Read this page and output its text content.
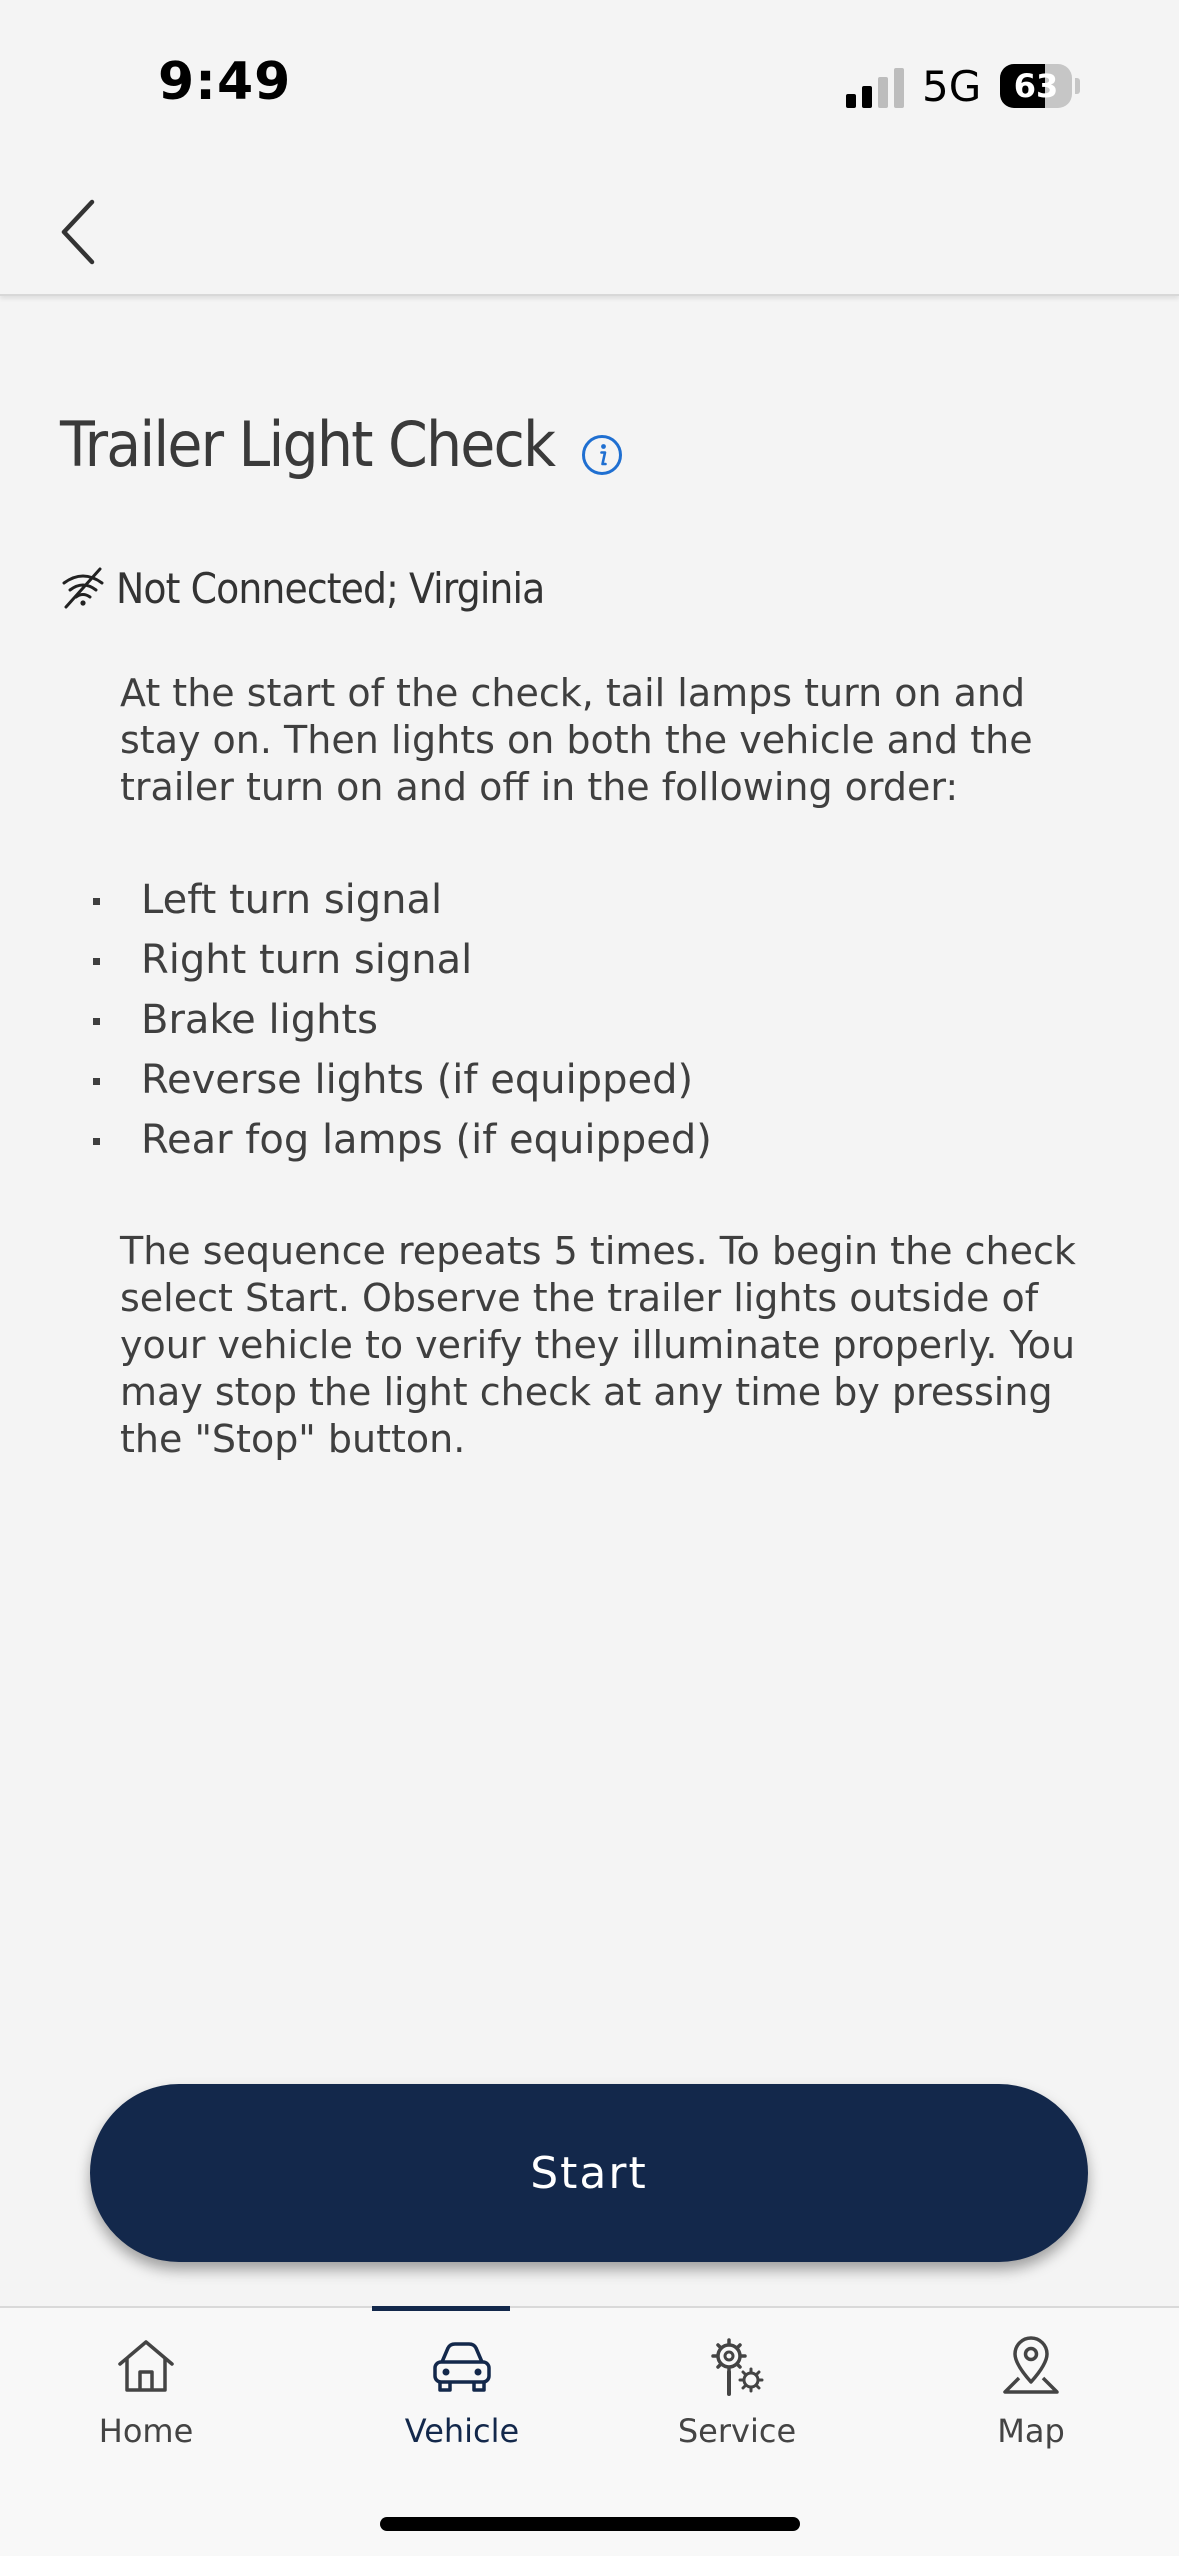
9:49	5G	63
Trailer Light Check
Not Connected; Virginia

At the start of the check, tail lamps turn on and stay on. Then lights on both the vehicle and the trailer turn on and off in the following order:

Left turn signal
Right turn signal
Brake lights
Reverse lights (if equipped)
Rear fog lamps (if equipped)

The sequence repeats 5 times. To begin the check select Start. Observe the trailer lights outside of your vehicle to verify they illuminate properly. You may stop the light check at any time by pressing the "Stop" button.

Start
Home	Vehicle	Service	Map
